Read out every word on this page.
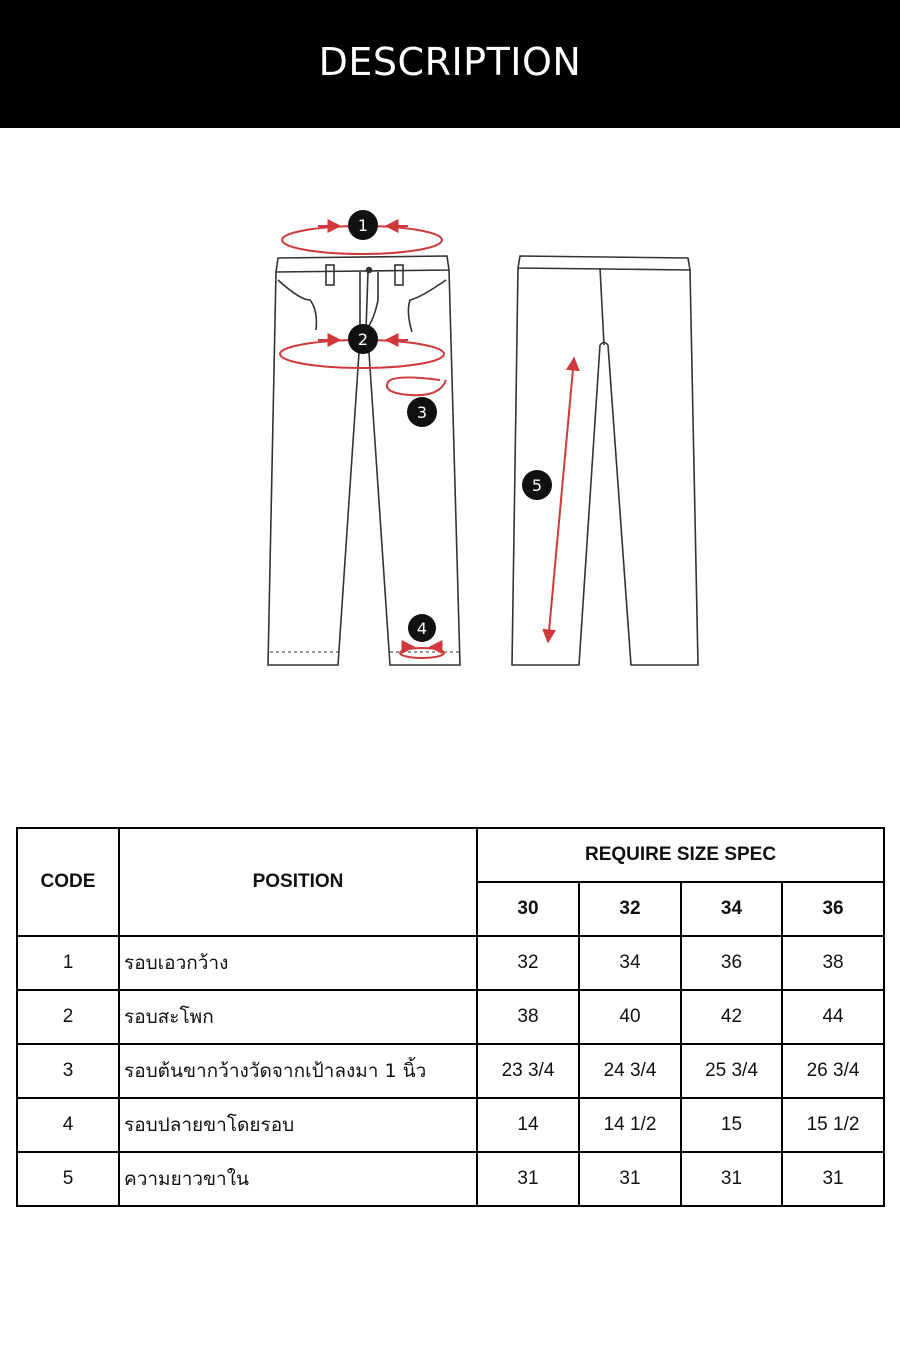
DESCRIPTION
1
2
3
4
5
CODE	POSITION	REQUIRE SIZE SPEC			
		30	32	34	36
1	รอบเอวกว้าง	32	34	36	38
2	รอบสะโพก	38	40	42	44
3	รอบต้นขากว้างวัดจากเป้าลงมา 1 นิ้ว	23 3/4	24 3/4	25 3/4	26 3/4
4	รอบปลายขาโดยรอบ	14	14 1/2	15	15 1/2
5	ความยาวขาใน	31	31	31	31
